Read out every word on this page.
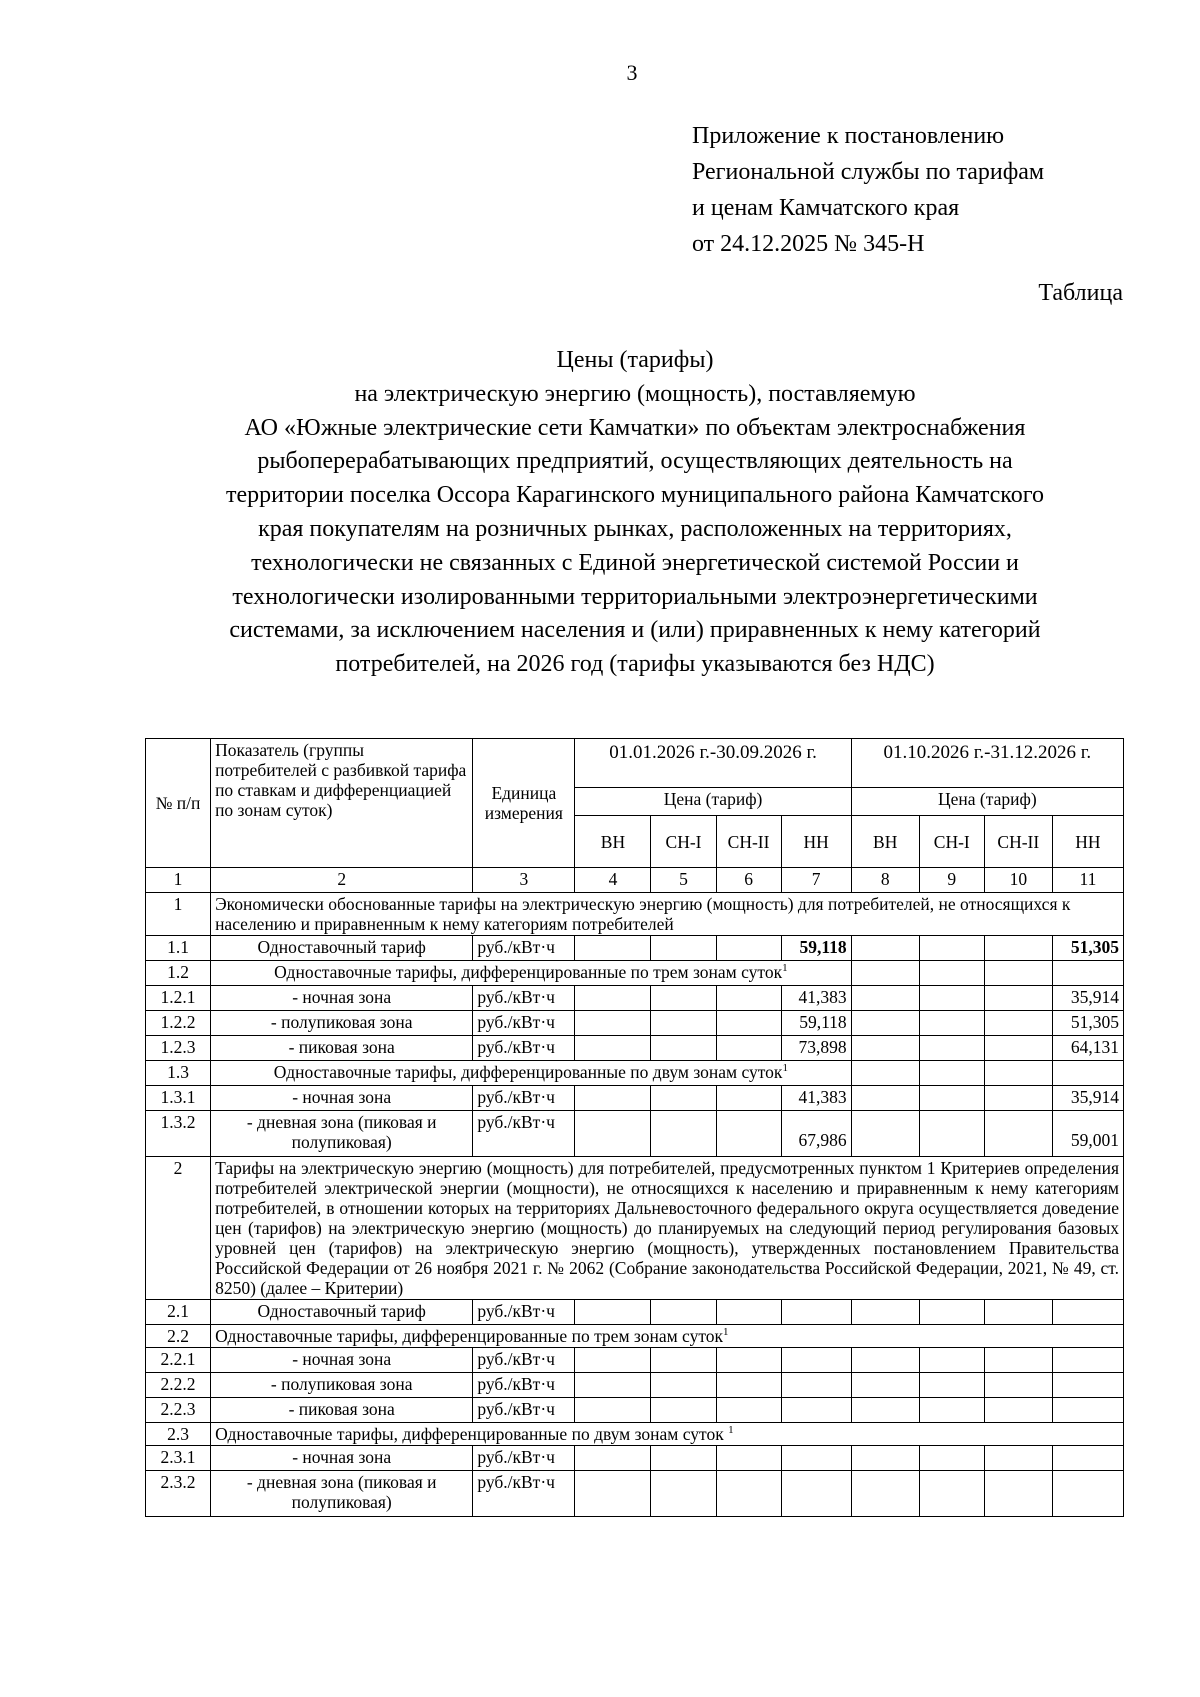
3
Приложение к постановлению
Региональной службы по тарифам
и ценам Камчатского края
от 24.12.2025 № 345-Н
Таблица
Цены (тарифы)
на электрическую энергию (мощность), поставляемую
АО «Южные электрические сети Камчатки» по объектам электроснабжения
рыбоперерабатывающих предприятий, осуществляющих деятельность на
территории поселка Оссора Карагинского муниципального района Камчатского
края покупателям на розничных рынках, расположенных на территориях,
технологически не связанных с Единой энергетической системой России и
технологически изолированными территориальными электроэнергетическими
системами, за исключением населения и (или) приравненных к нему категорий
потребителей, на 2026 год (тарифы указываются без НДС)
№ п/п	Показатель (группы потребителей с разбивкой тарифа по ставкам и дифференциацией по зонам суток)	Единица измерения	01.01.2026 г.-30.09.2026 г.				01.10.2026 г.-31.12.2026 г.			
			Цена (тариф)				Цена (тариф)			
			ВН	СН-I	СН-II	НН	ВН	СН-I	СН-II	НН
1	2	3	4	5	6	7	8	9	10	11
1	Экономически обоснованные тарифы на электрическую энергию (мощность) для потребителей, не относящихся к населению и приравненным к нему категориям потребителей									
1.1	Одноставочный тариф	руб./кВт·ч				59,118				51,305
1.2	Одноставочные тарифы, дифференцированные по трем зонам суток$^1$				
1.2.1	- ночная зона	руб./кВт·ч				41,383				35,914
1.2.2	- полупиковая зона	руб./кВт·ч				59,118				51,305
1.2.3	- пиковая зона	руб./кВт·ч				73,898				64,131
1.3	Одноставочные тарифы, дифференцированные по двум зонам суток$^1$				
1.3.1	- ночная зона	руб./кВт·ч				41,383				35,914
1.3.2	- дневная зона (пиковая и полупиковая)	руб./кВт·ч				67,986				59,001
2	Тарифы на электрическую энергию (мощность) для потребителей, предусмотренных пунктом 1 Критериев определения потребителей электрической энергии (мощности), не относящихся к населению и приравненным к нему категориям потребителей, в отношении которых на территориях Дальневосточного федерального округа осуществляется доведение цен (тарифов) на электрическую энергию (мощность) до планируемых на следующий период регулирования базовых уровней цен (тарифов) на электрическую энергию (мощность), утвержденных постановлением Правительства Российской Федерации от 26 ноября 2021 г. № 2062 (Собрание законодательства Российской Федерации, 2021, № 49, ст. 8250) (далее – Критерии)									
2.1	Одноставочный тариф	руб./кВт·ч								
2.2	Одноставочные тарифы, дифференцированные по трем зонам суток$^1$
2.2.1	- ночная зона	руб./кВт·ч								
2.2.2	- полупиковая зона	руб./кВт·ч								
2.2.3	- пиковая зона	руб./кВт·ч								
2.3	Одноставочные тарифы, дифференцированные по двум зонам суток $^1$
2.3.1	- ночная зона	руб./кВт·ч								
2.3.2	- дневная зона (пиковая и полупиковая)	руб./кВт·ч								
